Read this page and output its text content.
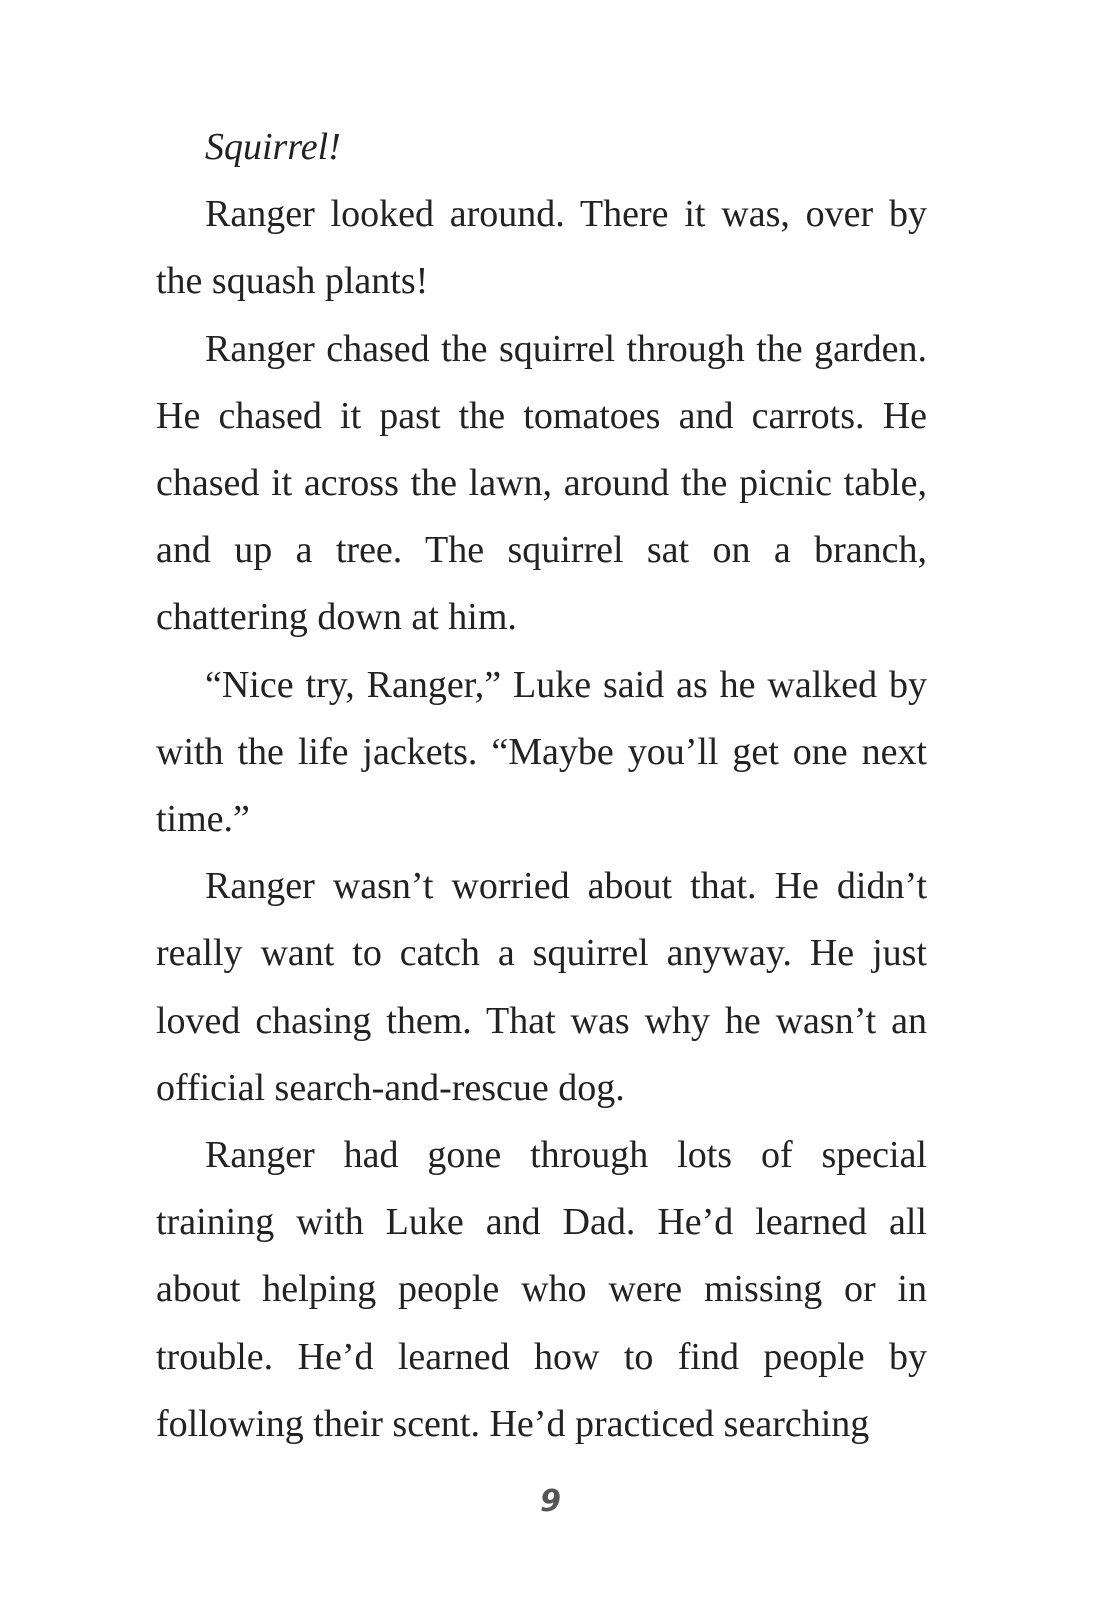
Squirrel!

Ranger looked around. There it was, over by the squash plants!

Ranger chased the squirrel through the garden. He chased it past the tomatoes and carrots. He chased it across the lawn, around the picnic table, and up a tree. The squirrel sat on a branch, chattering down at him.

“Nice try, Ranger,” Luke said as he walked by with the life jackets. “Maybe you’ll get one next time.”

Ranger wasn’t worried about that. He didn’t really want to catch a squirrel anyway. He just loved chasing them. That was why he wasn’t an official search-and-rescue dog.

Ranger had gone through lots of special training with Luke and Dad. He’d learned all about helping people who were missing or in trouble. He’d learned how to find people by following their scent. He’d practiced searching

9
